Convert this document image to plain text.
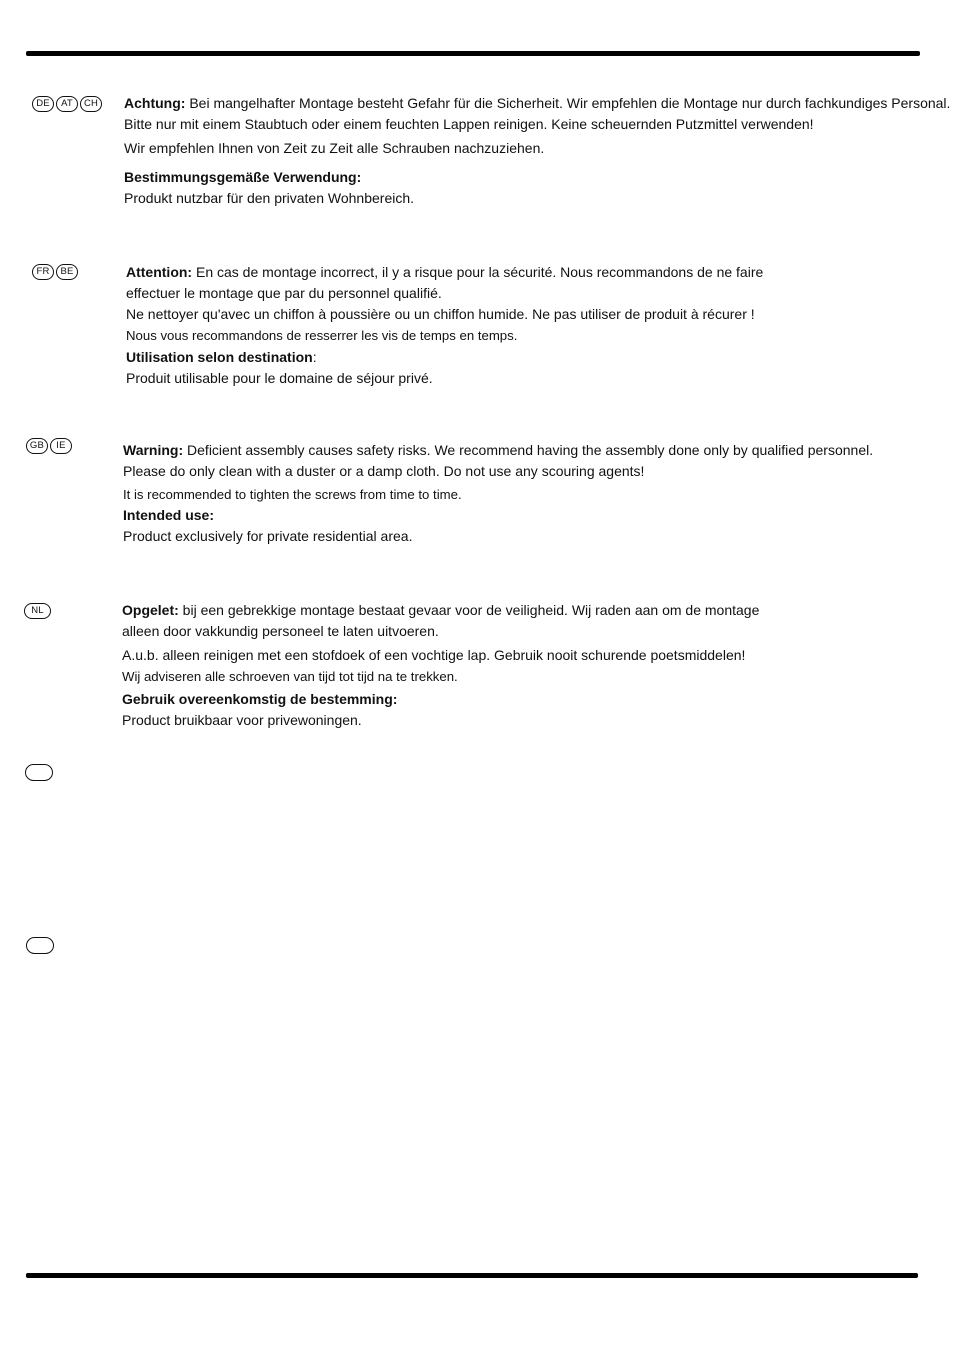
DE	AT	CH Achtung: Bei mangelhafter Montage besteht Gefahr für die Sicherheit. Wir empfehlen die Montage nur durch fachkundiges Personal.

Bitte nur mit einem Staubtuch oder einem feuchten Lappen reinigen. Keine scheuernden Putzmittel verwenden!

Wir empfehlen Ihnen von Zeit zu Zeit alle Schrauben nachzuziehen.

Bestimmungsgemäße Verwendung:

Produkt nutzbar für den privaten Wohnbereich.

FR	BE	Attention: En cas de montage incorrect, il y a risque pour la sécurité. Nous recommandons de ne faire

effectuer le montage que par du personnel qualifié.

Ne nettoyer qu'avec un chiffon à poussière ou un chiffon humide. Ne pas utiliser de produit à récurer !

Nous vous recommandons de resserrer les vis de temps en temps.

Utilisation selon destination:

Produit utilisable pour le domaine de séjour privé.

GB	IE	Warning: Deficient assembly causes safety risks. We recommend having the assembly done only by qualified personnel.

Please do only clean with a duster or a damp cloth. Do not use any scouring agents!

It is recommended to tighten the screws from time to time.

Intended use:

Product exclusively for private residential area.

NL	Opgelet: bij een gebrekkige montage bestaat gevaar voor de veiligheid. Wij raden aan om de montage

alleen door vakkundig personeel te laten uitvoeren.

A.u.b. alleen reinigen met een stofdoek of een vochtige lap. Gebruik nooit schurende poetsmiddelen!

Wij adviseren alle schroeven van tijd tot tijd na te trekken.

Gebruik overeenkomstig de bestemming:

Product bruikbaar voor privewoningen.
